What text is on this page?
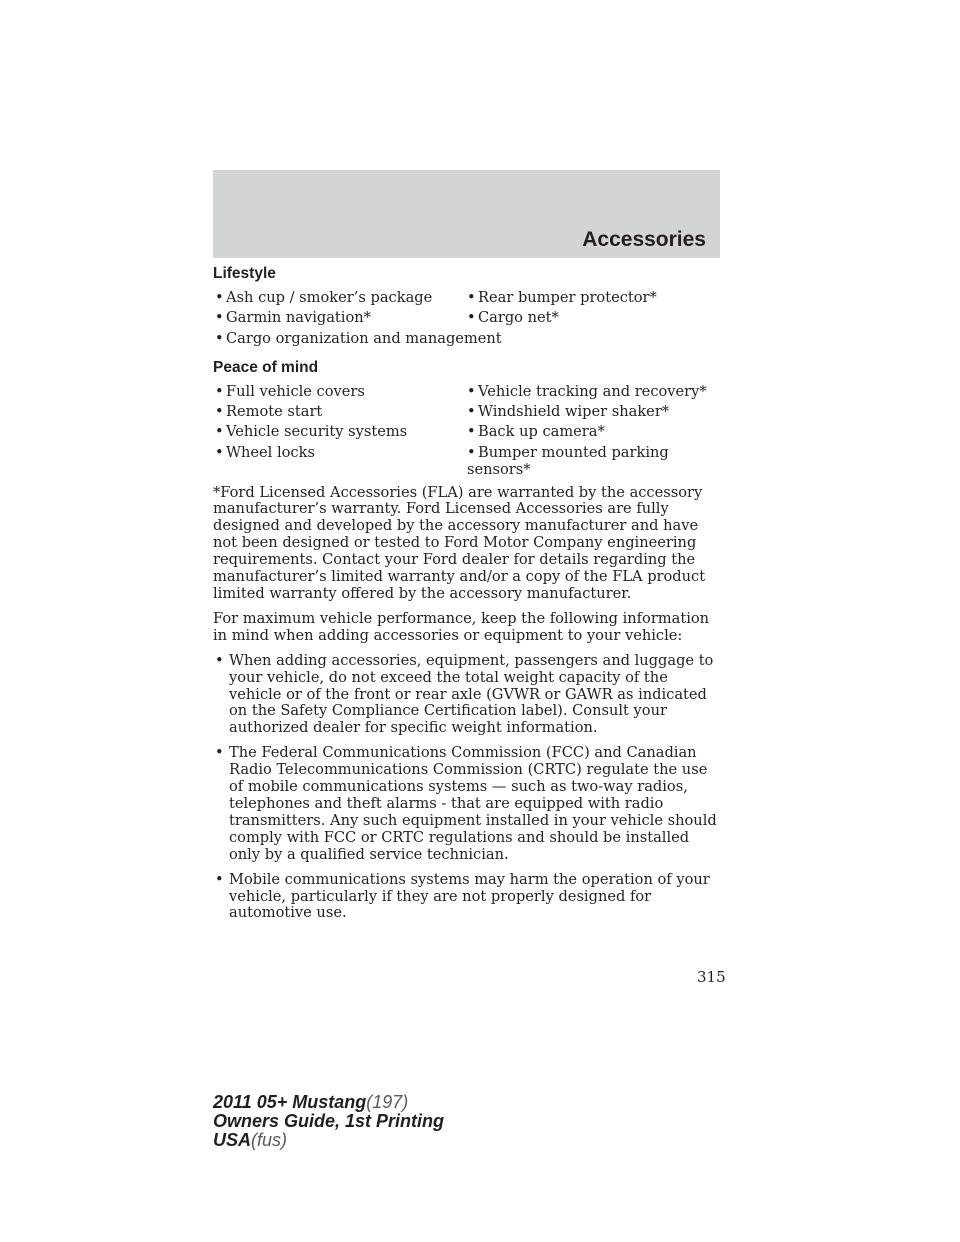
Accessories
Lifestyle
• Ash cup / smoker’s package	• Rear bumper protector*
• Garmin navigation*	• Cargo net*
• Cargo organization and management
Peace of mind
• Full vehicle covers	• Vehicle tracking and recovery*
• Remote start	• Windshield wiper shaker*
• Vehicle security systems	• Back up camera*
• Wheel locks	• Bumper mounted parking
sensors*

*Ford Licensed Accessories (FLA) are warranted by the accessory manufacturer’s warranty. Ford Licensed Accessories are fully designed and developed by the accessory manufacturer and have not been designed or tested to Ford Motor Company engineering requirements. Contact your Ford dealer for details regarding the manufacturer’s limited warranty and/or a copy of the FLA product limited warranty offered by the accessory manufacturer.

For maximum vehicle performance, keep the following information in mind when adding accessories or equipment to your vehicle:

• When adding accessories, equipment, passengers and luggage to your vehicle, do not exceed the total weight capacity of the vehicle or of the front or rear axle (GVWR or GAWR as indicated on the Safety Compliance Certification label). Consult your authorized dealer for specific weight information.
• The Federal Communications Commission (FCC) and Canadian Radio Telecommunications Commission (CRTC) regulate the use of mobile communications systems — such as two-way radios, telephones and theft alarms - that are equipped with radio transmitters. Any such equipment installed in your vehicle should comply with FCC or CRTC regulations and should be installed only by a qualified service technician.
• Mobile communications systems may harm the operation of your vehicle, particularly if they are not properly designed for automotive use.
315
2011 05+ Mustang(197)
Owners Guide, 1st Printing
USA(fus)
